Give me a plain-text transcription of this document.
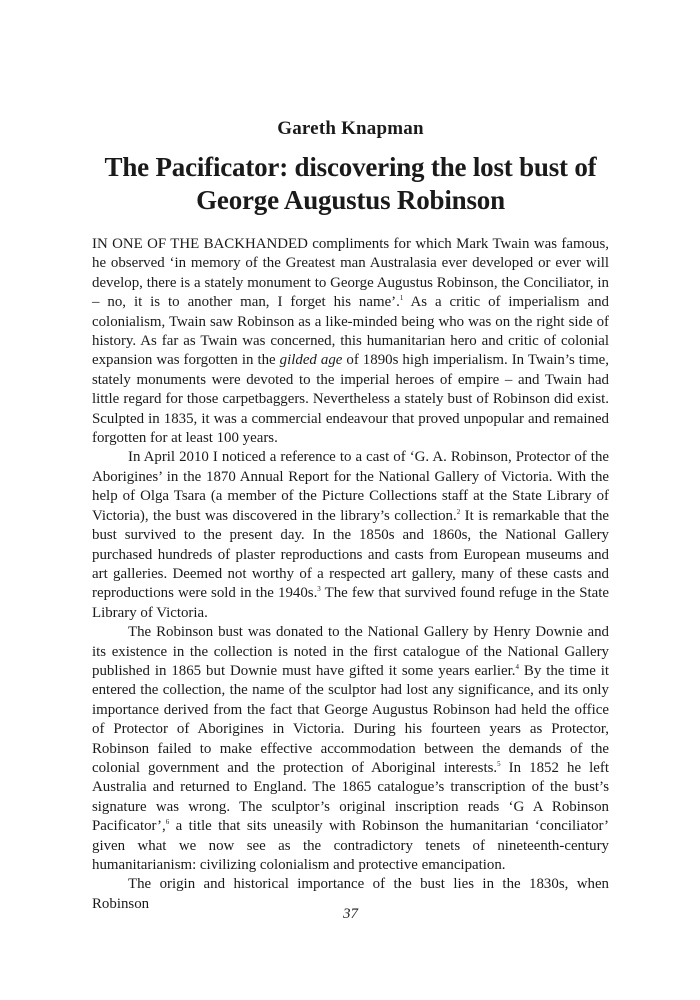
Gareth Knapman
The Pacificator: discovering the lost bust of George Augustus Robinson

IN ONE OF THE BACKHANDED compliments for which Mark Twain was famous, he observed ‘in memory of the Greatest man Australasia ever developed or ever will develop, there is a stately monument to George Augustus Robinson, the Conciliator, in – no, it is to another man, I forget his name’.$^1$ As a critic of imperialism and colonialism, Twain saw Robinson as a like-minded being who was on the right side of history. As far as Twain was concerned, this humanitarian hero and critic of colonial expansion was forgotten in the gilded age of 1890s high imperialism. In Twain’s time, stately monuments were devoted to the imperial heroes of empire – and Twain had little regard for those carpetbaggers. Nevertheless a stately bust of Robinson did exist. Sculpted in 1835, it was a commercial endeavour that proved unpopular and remained forgotten for at least 100 years.

In April 2010 I noticed a reference to a cast of ‘G. A. Robinson, Protector of the Aborigines’ in the 1870 Annual Report for the National Gallery of Victoria. With the help of Olga Tsara (a member of the Picture Collections staff at the State Library of Victoria), the bust was discovered in the library’s collection.$^2$ It is remarkable that the bust survived to the present day. In the 1850s and 1860s, the National Gallery purchased hundreds of plaster reproductions and casts from European museums and art galleries. Deemed not worthy of a respected art gallery, many of these casts and reproductions were sold in the 1940s.$^3$ The few that survived found refuge in the State Library of Victoria.

The Robinson bust was donated to the National Gallery by Henry Downie and its existence in the collection is noted in the first catalogue of the National Gallery published in 1865 but Downie must have gifted it some years earlier.$^4$ By the time it entered the collection, the name of the sculptor had lost any significance, and its only importance derived from the fact that George Augustus Robinson had held the office of Protector of Aborigines in Victoria. During his fourteen years as Protector, Robinson failed to make effective accommodation between the demands of the colonial government and the protection of Aboriginal interests.$^5$ In 1852 he left Australia and returned to England. The 1865 catalogue’s transcription of the bust’s signature was wrong. The sculptor’s original inscription reads ‘G A Robinson Pacificator’,$^6$ a title that sits uneasily with Robinson the humanitarian ‘conciliator’ given what we now see as the contradictory tenets of nineteenth-century humanitarianism: civilizing colonialism and protective emancipation.

The origin and historical importance of the bust lies in the 1830s, when Robinson

37
